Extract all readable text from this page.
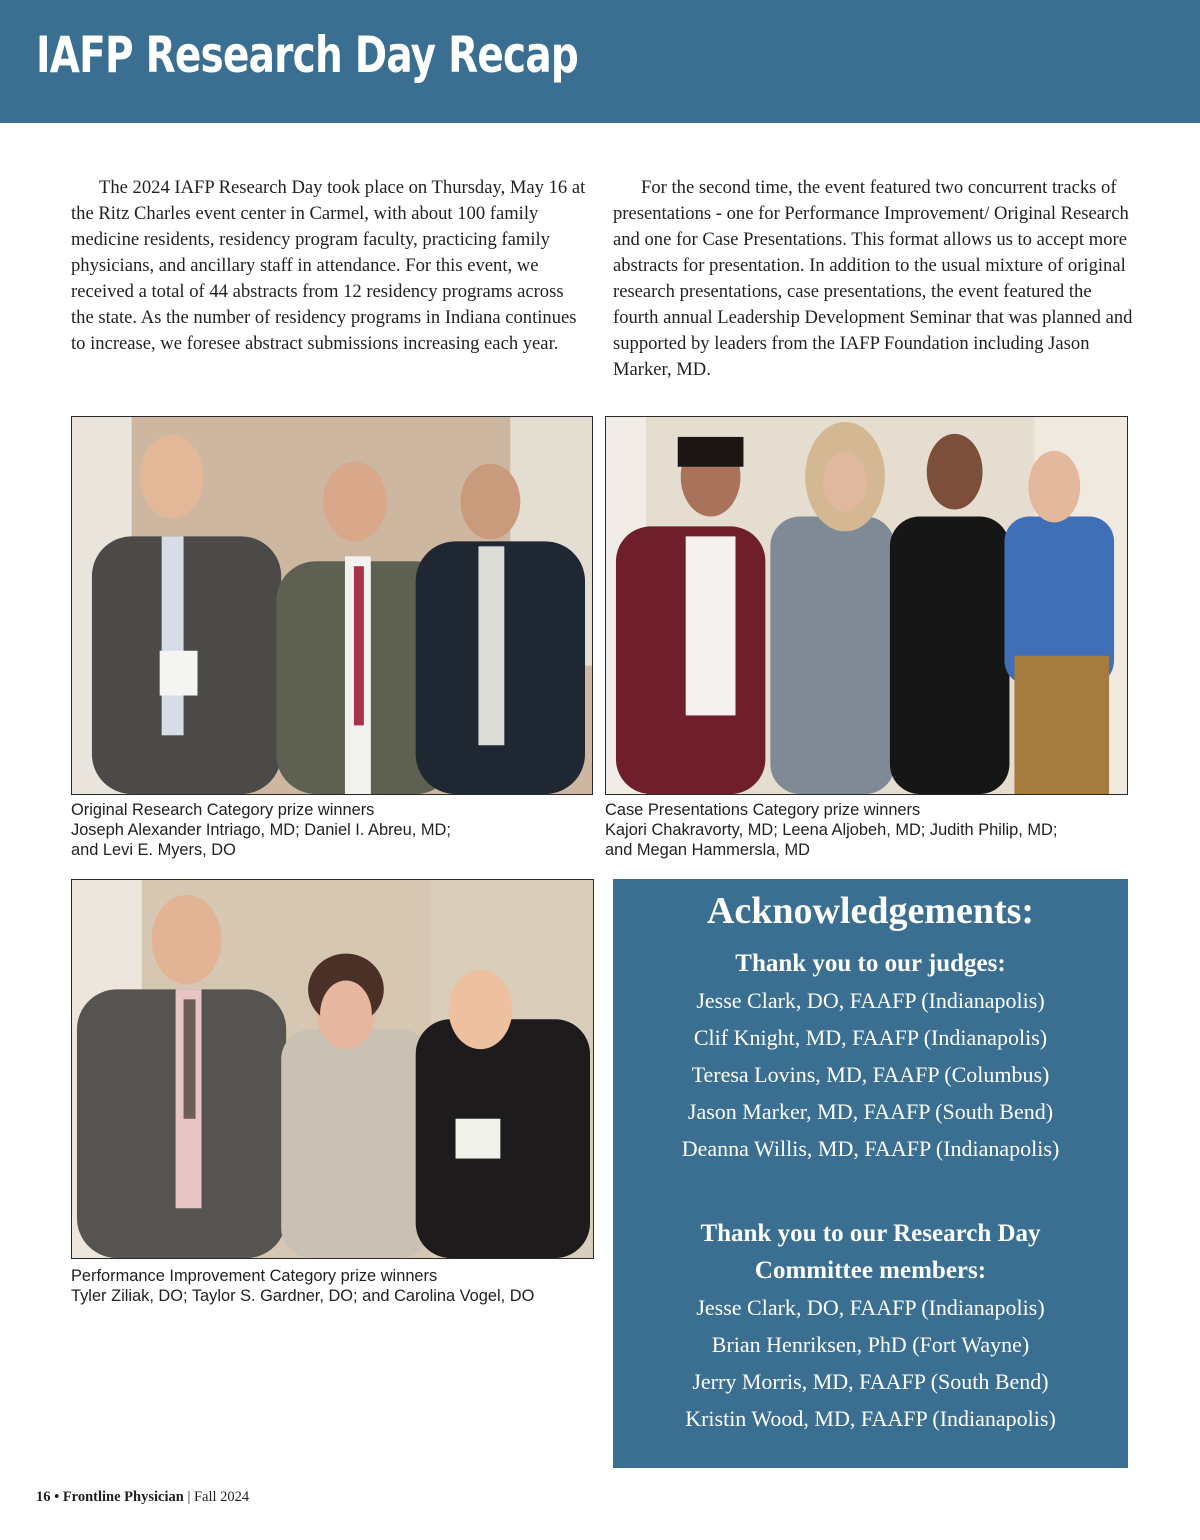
IAFP Research Day Recap

The 2024 IAFP Research Day took place on Thursday, May 16 at the Ritz Charles event center in Carmel, with about 100 family medicine residents, residency program faculty, practicing family physicians, and ancillary staff in attendance. For this event, we received a total of 44 abstracts from 12 residency programs across the state. As the number of residency programs in Indiana continues to increase, we foresee abstract submissions increasing each year.

For the second time, the event featured two concurrent tracks of presentations - one for Performance Improvement/ Original Research and one for Case Presentations. This format allows us to accept more abstracts for presentation. In addition to the usual mixture of original research presentations, case presentations, the event featured the fourth annual Leadership Development Seminar that was planned and supported by leaders from the IAFP Foundation including Jason Marker, MD.

Original Research Category prize winners
Joseph Alexander Intriago, MD; Daniel I. Abreu, MD;
and Levi E. Myers, DO
Case Presentations Category prize winners
Kajori Chakravorty, MD; Leena Aljobeh, MD; Judith Philip, MD;
and Megan Hammersla, MD
Performance Improvement Category prize winners
Tyler Ziliak, DO; Taylor S. Gardner, DO; and Carolina Vogel, DO
Acknowledgements:
Thank you to our judges:
Jesse Clark, DO, FAAFP (Indianapolis)
Clif Knight, MD, FAAFP (Indianapolis)
Teresa Lovins, MD, FAAFP (Columbus)
Jason Marker, MD, FAAFP (South Bend)
Deanna Willis, MD, FAAFP (Indianapolis)
Thank you to our Research Day
Committee members:
Jesse Clark, DO, FAAFP (Indianapolis)
Brian Henriksen, PhD (Fort Wayne)
Jerry Morris, MD, FAAFP (South Bend)
Kristin Wood, MD, FAAFP (Indianapolis)
16 • Frontline Physician | Fall 2024
